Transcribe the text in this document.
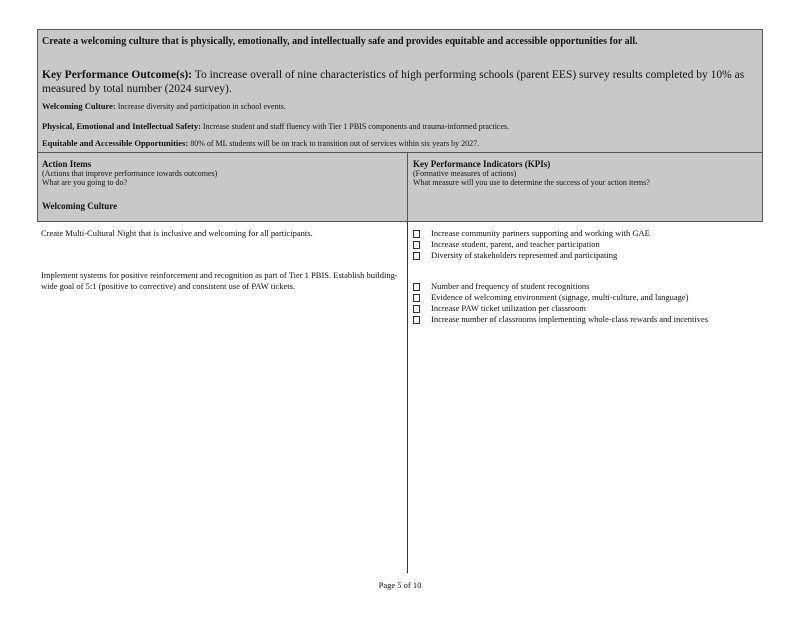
Create a welcoming culture that is physically, emotionally, and intellectually safe and provides equitable and accessible opportunities for all.
Key Performance Outcome(s): To increase overall of nine characteristics of high performing schools (parent EES) survey results completed by 10% as measured by total number (2024 survey).
Welcoming Culture: Increase diversity and participation in school events.
Physical, Emotional and Intellectual Safety: Increase student and staff fluency with Tier 1 PBIS components and trauma-informed practices.
Equitable and Accessible Opportunities: 80% of ML students will be on track to transition out of services within six years by 2027.
Action Items
(Actions that improve performance towards outcomes)
What are you going to do?
Welcoming Culture
Key Performance Indicators (KPIs)
(Formative measures of actions)
What measure will you use to determine the success of your action items?
Create Multi-Cultural Night that is inclusive and welcoming for all participants.
Implement systems for positive reinforcement and recognition as part of Tier 1 PBIS. Establish building-wide goal of 5:1 (positive to corrective) and consistent use of PAW tickets.
Increase community partners supporting and working with GAE
Increase student, parent, and teacher participation
Diversity of stakeholders represented and participating
Number and frequency of student recognitions
Evidence of welcoming environment (signage, multi-culture, and language)
Increase PAW ticket utilization per classroom
Increase number of classrooms implementing whole-class rewards and incentives
Page 5 of 10
